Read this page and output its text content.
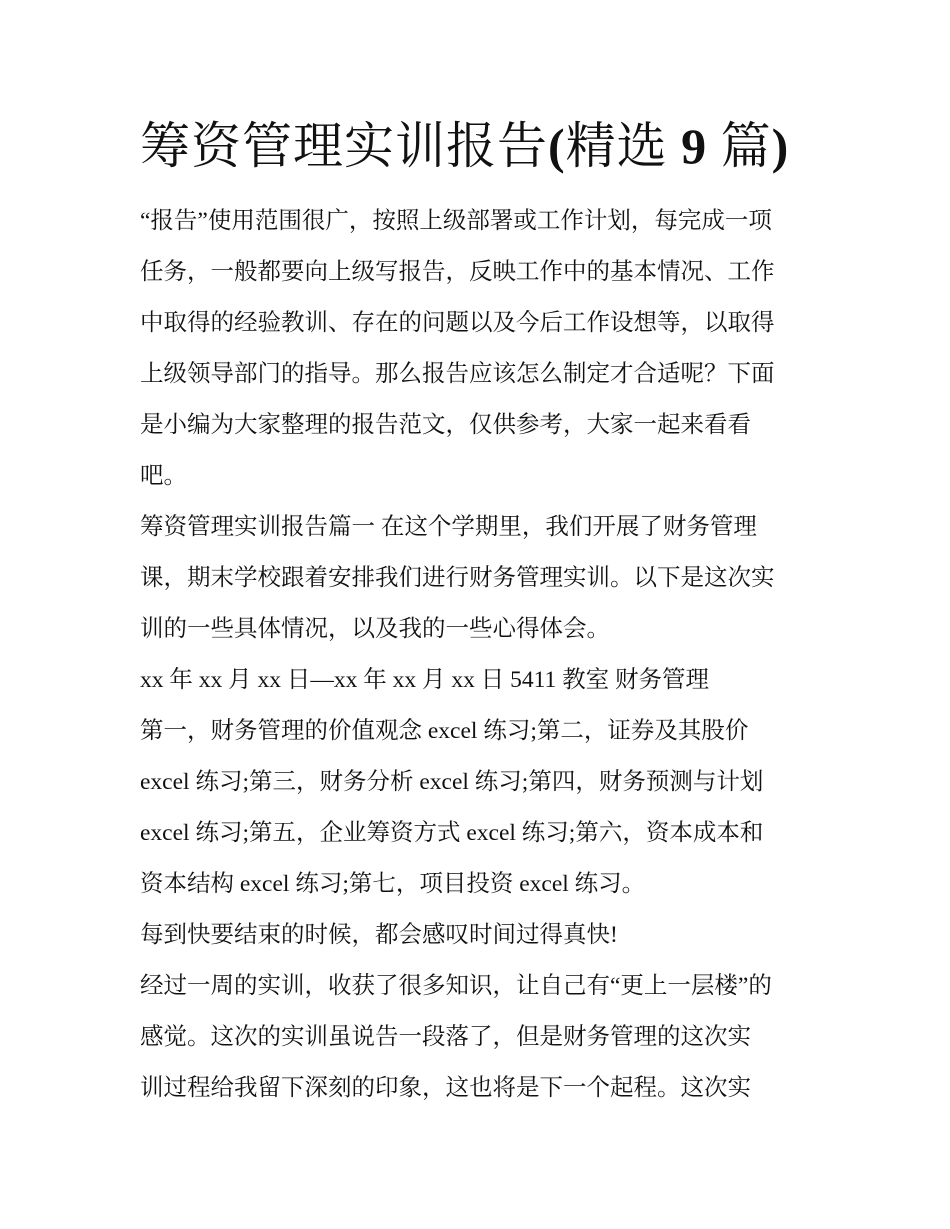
筹资管理实训报告(精选 9 篇)

“报告”使用范围很广，按照上级部署或工作计划，每完成一项
任务，一般都要向上级写报告，反映工作中的基本情况、工作
中取得的经验教训、存在的问题以及今后工作设想等，以取得
上级领导部门的指导。那么报告应该怎么制定才合适呢？下面
是小编为大家整理的报告范文，仅供参考，大家一起来看看
吧。

筹资管理实训报告篇一 在这个学期里，我们开展了财务管理
课，期末学校跟着安排我们进行财务管理实训。以下是这次实
训的一些具体情况，以及我的一些心得体会。

xx 年 xx 月 xx 日—xx 年 xx 月 xx 日 5411 教室 财务管理

第一，财务管理的价值观念 excel 练习;第二，证券及其股价
excel 练习;第三，财务分析 excel 练习;第四，财务预测与计划
excel 练习;第五，企业筹资方式 excel 练习;第六，资本成本和
资本结构 excel 练习;第七，项目投资 excel 练习。

每到快要结束的时候，都会感叹时间过得真快!

经过一周的实训，收获了很多知识，让自己有“更上一层楼”的
感觉。这次的实训虽说告一段落了，但是财务管理的这次实
训过程给我留下深刻的印象，这也将是下一个起程。这次实
